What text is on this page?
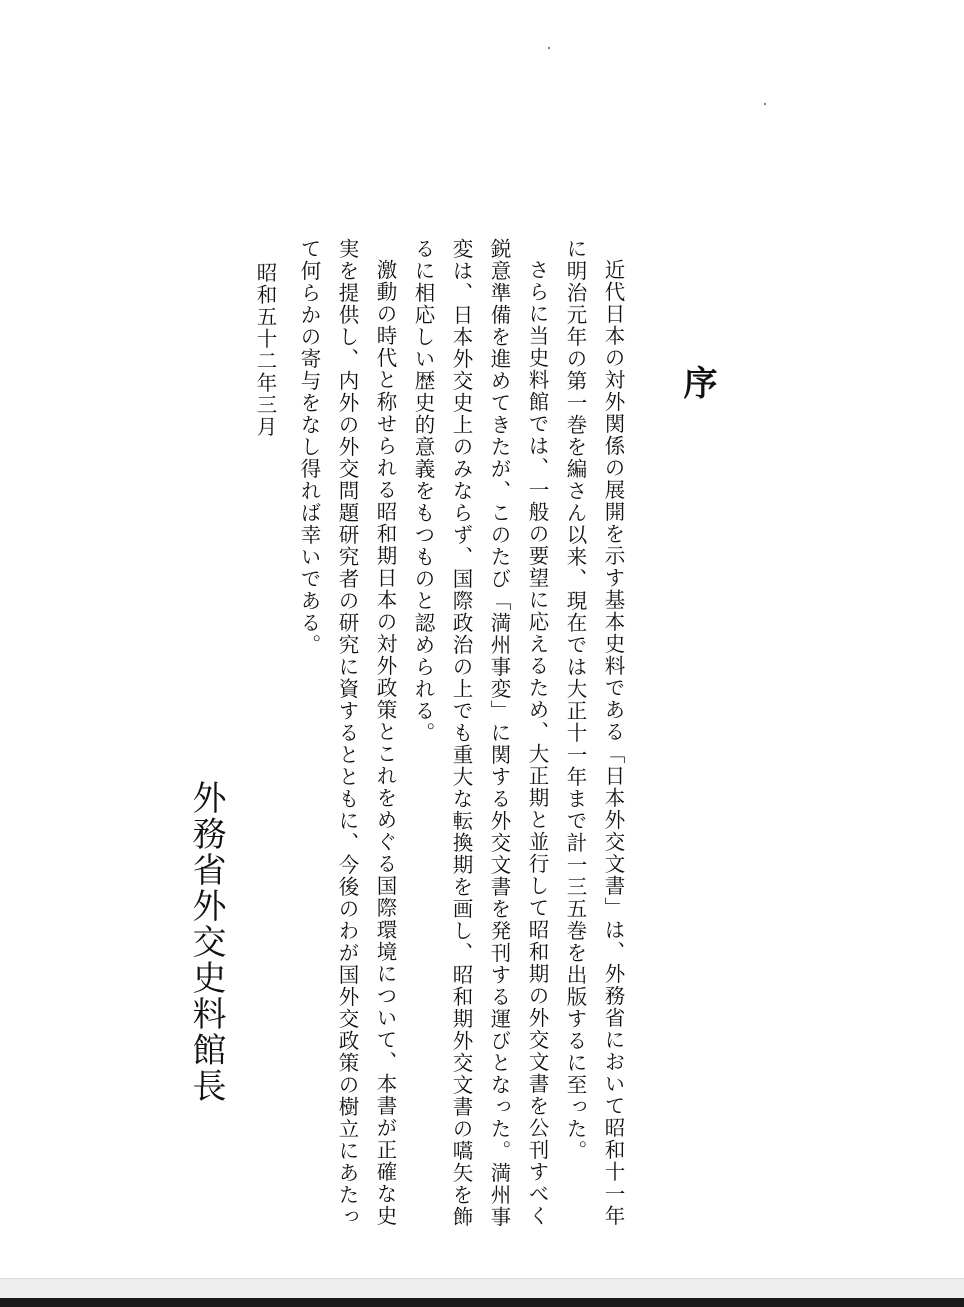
序

近代日本の対外関係の展開を示す基本史料である「日本外交文書」は、外務省において昭和十一年

に明治元年の第一巻を編さん以来、現在では大正十一年まで計一三五巻を出版するに至った。

さらに当史料館では、一般の要望に応えるため、大正期と並行して昭和期の外交文書を公刊すべく

鋭意準備を進めてきたが、このたび「満州事変」に関する外交文書を発刊する運びとなった。満州事

変は、日本外交史上のみならず、国際政治の上でも重大な転換期を画し、昭和期外交文書の嚆矢を飾

るに相応しい歴史的意義をもつものと認められる。

激動の時代と称せられる昭和期日本の対外政策とこれをめぐる国際環境について、本書が正確な史

実を提供し、内外の外交問題研究者の研究に資するとともに、今後のわが国外交政策の樹立にあたっ

て何らかの寄与をなし得れば幸いである。

昭和五十二年三月
外務省外交史料館長
